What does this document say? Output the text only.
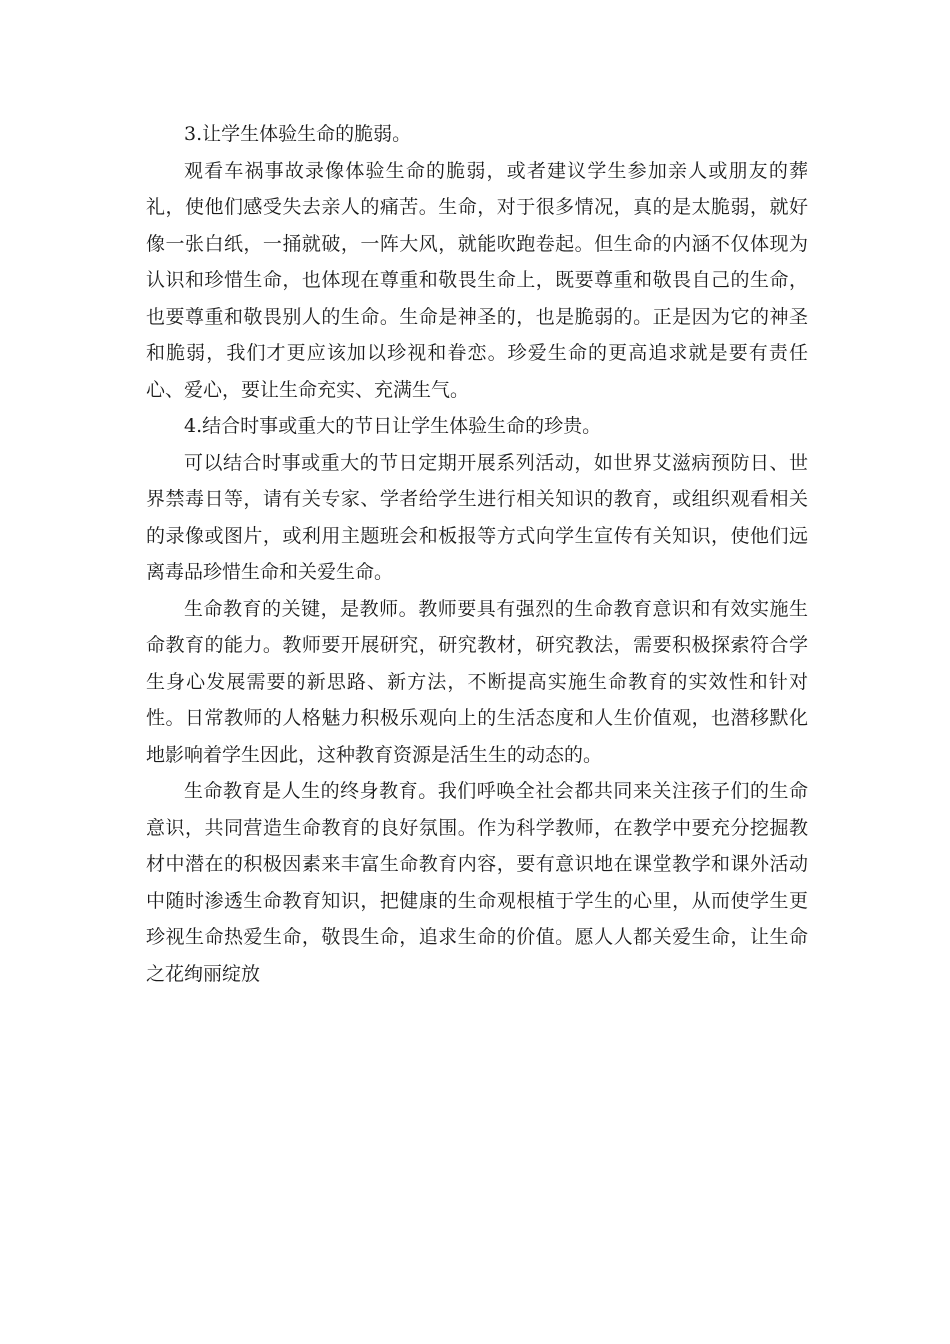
3.让学生体验生命的脆弱。

观看车祸事故录像体验生命的脆弱，或者建议学生参加亲人或朋友的葬礼，使他们感受失去亲人的痛苦。生命，对于很多情况，真的是太脆弱，就好像一张白纸，一捅就破，一阵大风，就能吹跑卷起。但生命的内涵不仅体现为认识和珍惜生命，也体现在尊重和敬畏生命上，既要尊重和敬畏自己的生命，也要尊重和敬畏别人的生命。生命是神圣的，也是脆弱的。正是因为它的神圣和脆弱，我们才更应该加以珍视和眷恋。珍爱生命的更高追求就是要有责任心、爱心，要让生命充实、充满生气。

4.结合时事或重大的节日让学生体验生命的珍贵。

可以结合时事或重大的节日定期开展系列活动，如世界艾滋病预防日、世界禁毒日等，请有关专家、学者给学生进行相关知识的教育，或组织观看相关的录像或图片，或利用主题班会和板报等方式向学生宣传有关知识，使他们远离毒品珍惜生命和关爱生命。

生命教育的关键，是教师。教师要具有强烈的生命教育意识和有效实施生命教育的能力。教师要开展研究，研究教材，研究教法，需要积极探索符合学生身心发展需要的新思路、新方法，不断提高实施生命教育的实效性和针对性。日常教师的人格魅力积极乐观向上的生活态度和人生价值观，也潜移默化地影响着学生因此，这种教育资源是活生生的动态的。

生命教育是人生的终身教育。我们呼唤全社会都共同来关注孩子们的生命意识，共同营造生命教育的良好氛围。作为科学教师，在教学中要充分挖掘教材中潜在的积极因素来丰富生命教育内容，要有意识地在课堂教学和课外活动中随时渗透生命教育知识，把健康的生命观根植于学生的心里，从而使学生更珍视生命热爱生命，敬畏生命，追求生命的价值。愿人人都关爱生命，让生命之花绚丽绽放
